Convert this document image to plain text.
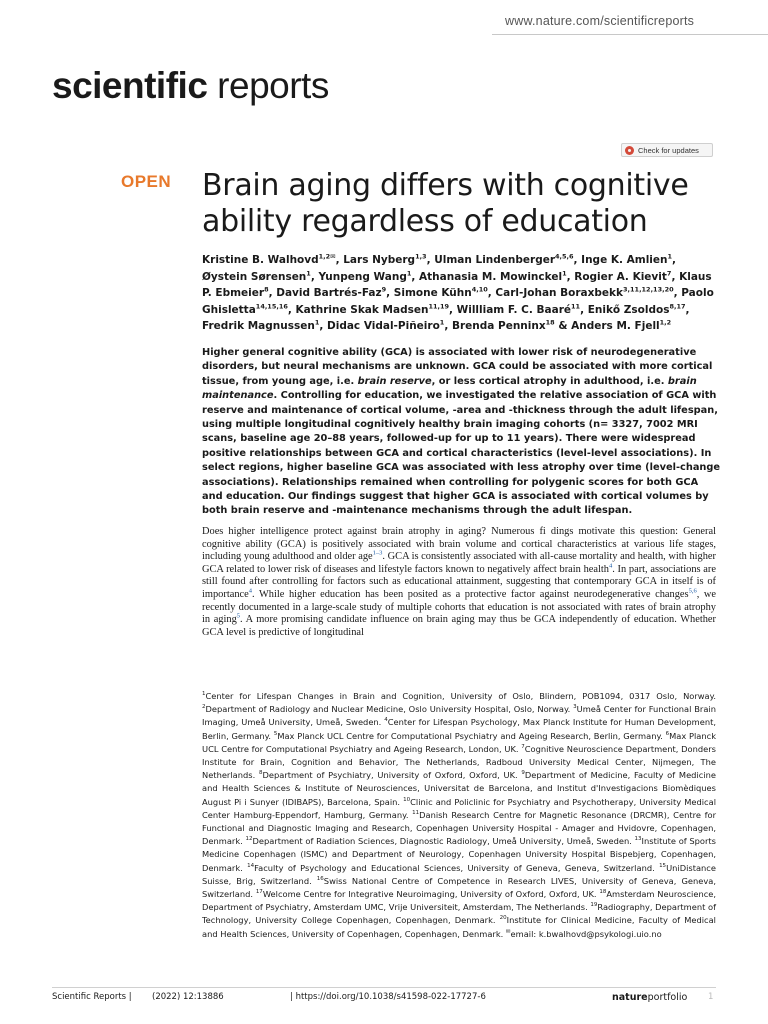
www.nature.com/scientificreports
scientific reports
Check for updates
OPEN Brain aging differs with cognitive ability regardless of education
Kristine B. Walhovd$^{1,2✉}$, Lars Nyberg$^{1,3}$, Ulman Lindenberger$^{4,5,6}$, Inge K. Amlien$^1$, Øystein Sørensen$^1$, Yunpeng Wang$^1$, Athanasia M. Mowinckel$^1$, Rogier A. Kievit$^7$, Klaus P. Ebmeier$^8$, David Bartrés-Faz$^9$, Simone Kühn$^{4,10}$, Carl-Johan Boraxbekk$^{3,11,12,13,20}$, Paolo Ghisletta$^{14,15,16}$, Kathrine Skak Madsen$^{11,19}$, Willliam F. C. Baaré$^{11}$, Enikő Zsoldos$^{8,17}$, Fredrik Magnussen$^1$, Didac Vidal-Piñeiro$^1$, Brenda Penninx$^{18}$ & Anders M. Fjell$^{1,2}$

Higher general cognitive ability (GCA) is associated with lower risk of neurodegenerative disorders, but neural mechanisms are unknown. GCA could be associated with more cortical tissue, from young age, i.e. brain reserve, or less cortical atrophy in adulthood, i.e. brain maintenance. Controlling for education, we investigated the relative association of GCA with reserve and maintenance of cortical volume, -area and -thickness through the adult lifespan, using multiple longitudinal cognitively healthy brain imaging cohorts (n= 3327, 7002 MRI scans, baseline age 20–88 years, followed-up for up to 11 years). There were widespread positive relationships between GCA and cortical characteristics (level-level associations). In select regions, higher baseline GCA was associated with less atrophy over time (level-change associations). Relationships remained when controlling for polygenic scores for both GCA and education. Our findings suggest that higher GCA is associated with cortical volumes by both brain reserve and -maintenance mechanisms through the adult lifespan.

Does higher intelligence protect against brain atrophy in aging? Numerous fi dings motivate this question: General cognitive ability (GCA) is positively associated with brain volume and cortical characteristics at various life stages, including young adulthood and older age$^{1-3}$. GCA is consistently associated with all-cause mortality and health, with higher GCA related to lower risk of diseases and lifestyle factors known to negatively affect brain health$^4$. In part, associations are still found after controlling for factors such as educational attainment, suggesting that contemporary GCA in itself is of importance$^4$. While higher education has been posited as a protective factor against neurodegenerative changes$^{5,6}$, we recently documented in a large-scale study of multiple cohorts that education is not associated with rates of brain atrophy in aging$^5$. A more promising candidate influence on brain aging may thus be GCA independently of education. Whether GCA level is predictive of longitudinal

$^1$Center for Lifespan Changes in Brain and Cognition, University of Oslo, Blindern, POB1094, 0317 Oslo, Norway. $^2$Department of Radiology and Nuclear Medicine, Oslo University Hospital, Oslo, Norway. $^3$Umeå Center for Functional Brain Imaging, Umeå University, Umeå, Sweden. $^4$Center for Lifespan Psychology, Max Planck Institute for Human Development, Berlin, Germany. $^5$Max Planck UCL Centre for Computational Psychiatry and Ageing Research, Berlin, Germany. $^6$Max Planck UCL Centre for Computational Psychiatry and Ageing Research, London, UK. $^7$Cognitive Neuroscience Department, Donders Institute for Brain, Cognition and Behavior, The Netherlands, Radboud University Medical Center, Nijmegen, The Netherlands. $^8$Department of Psychiatry, University of Oxford, Oxford, UK. $^9$Department of Medicine, Faculty of Medicine and Health Sciences & Institute of Neurosciences, Universitat de Barcelona, and Institut d'Investigacions Biomèdiques August Pi i Sunyer (IDIBAPS), Barcelona, Spain. $^{10}$Clinic and Policlinic for Psychiatry and Psychotherapy, University Medical Center Hamburg-Eppendorf, Hamburg, Germany. $^{11}$Danish Research Centre for Magnetic Resonance (DRCMR), Centre for Functional and Diagnostic Imaging and Research, Copenhagen University Hospital - Amager and Hvidovre, Copenhagen, Denmark. $^{12}$Department of Radiation Sciences, Diagnostic Radiology, Umeå University, Umeå, Sweden. $^{13}$Institute of Sports Medicine Copenhagen (ISMC) and Department of Neurology, Copenhagen University Hospital Bispebjerg, Copenhagen, Denmark. $^{14}$Faculty of Psychology and Educational Sciences, University of Geneva, Geneva, Switzerland. $^{15}$UniDistance Suisse, Brig, Switzerland. $^{16}$Swiss National Centre of Competence in Research LIVES, University of Geneva, Geneva, Switzerland. $^{17}$Welcome Centre for Integrative Neuroimaging, University of Oxford, Oxford, UK. $^{18}$Amsterdam Neuroscience, Department of Psychiatry, Amsterdam UMC, Vrije Universiteit, Amsterdam, The Netherlands. $^{19}$Radiography, Department of Technology, University College Copenhagen, Copenhagen, Denmark. $^{20}$Institute for Clinical Medicine, Faculty of Medical and Health Sciences, University of Copenhagen, Copenhagen, Denmark. ✉email: k.bwalhovd@psykologi.uio.no

Scientific Reports | (2022) 12:13886	| https://doi.org/10.1038/s41598-022-17727-6	nature portfolio 1
